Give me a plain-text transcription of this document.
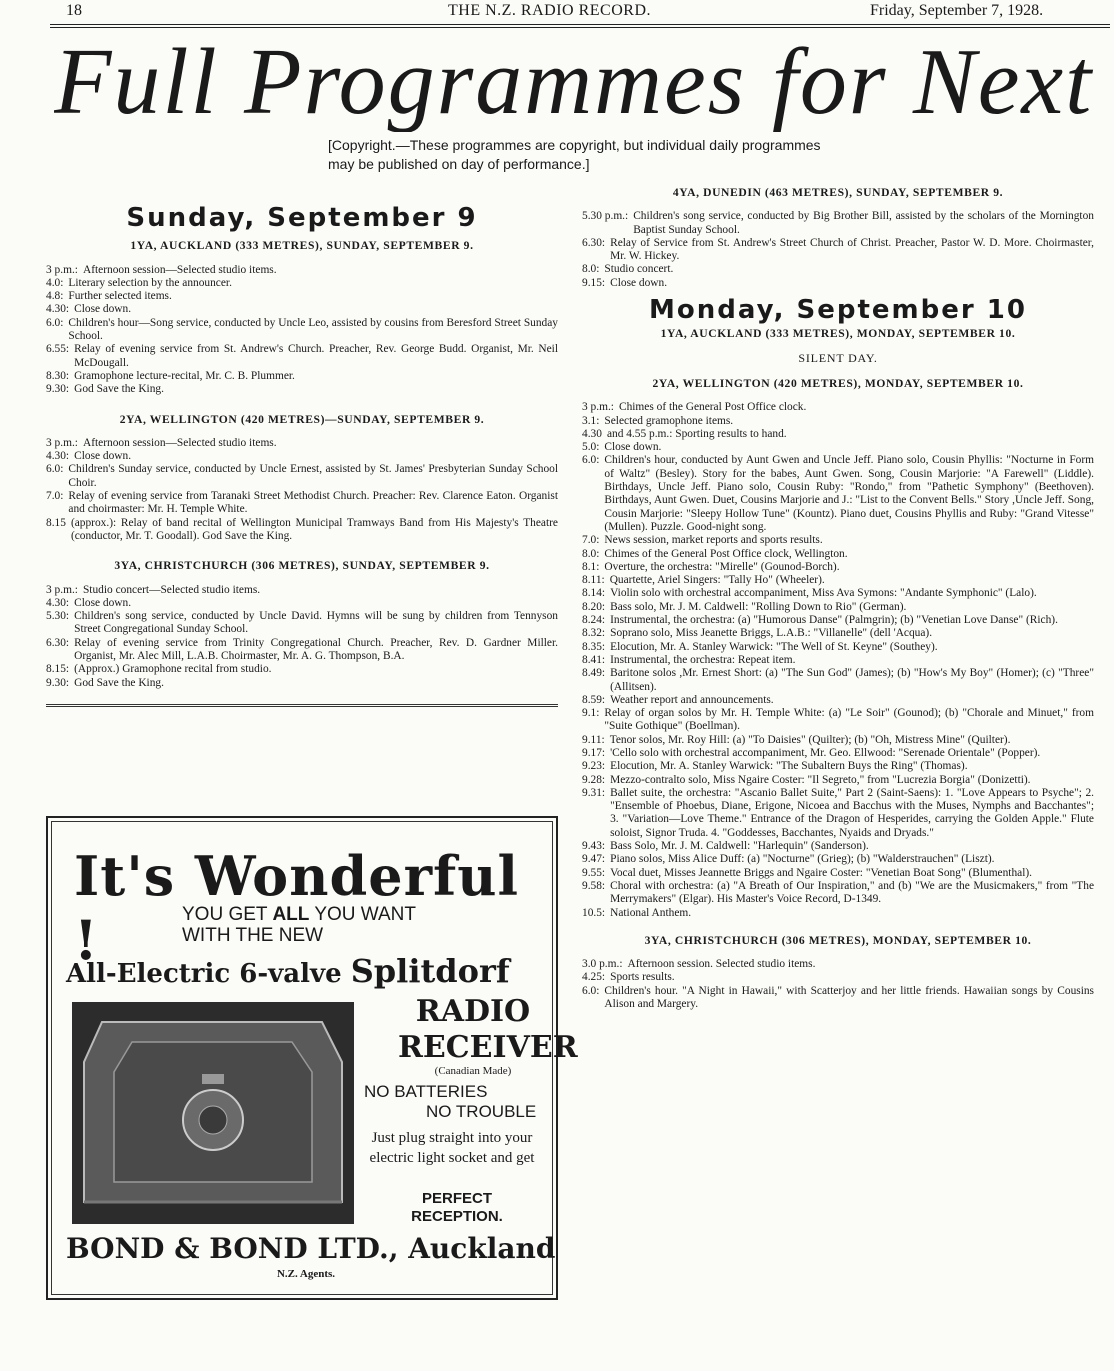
18	THE N.Z. RADIO RECORD.	Friday, September 7, 1928.
Full Programmes for Next
[Copyright.—These programmes are copyright, but individual daily programmes may be published on day of performance.]
Sunday, September 9
1YA, AUCKLAND (333 METRES), SUNDAY, SEPTEMBER 9.
3 p.m.: Afternoon session—Selected studio items.
4.0: Literary selection by the announcer.
4.8: Further selected items.
4.30: Close down.
6.0: Children's hour—Song service, conducted by Uncle Leo, assisted by cousins from Beresford Street Sunday School.
6.55: Relay of evening service from St. Andrew's Church. Preacher, Rev. George Budd. Organist, Mr. Neil McDougall.
8.30: Gramophone lecture-recital, Mr. C. B. Plummer.
9.30: God Save the King.
2YA, WELLINGTON (420 METRES)—SUNDAY, SEPTEMBER 9.
3 p.m.: Afternoon session—Selected studio items.
4.30: Close down.
6.0: Children's Sunday service, conducted by Uncle Ernest, assisted by St. James' Presbyterian Sunday School Choir.
7.0: Relay of evening service from Taranaki Street Methodist Church. Preacher: Rev. Clarence Eaton. Organist and choirmaster: Mr. H. Temple White.
8.15 (approx.): Relay of band recital of Wellington Municipal Tramways Band from His Majesty's Theatre (conductor, Mr. T. Goodall). God Save the King.
3YA, CHRISTCHURCH (306 METRES), SUNDAY, SEPTEMBER 9.
3 p.m.: Studio concert—Selected studio items.
4.30: Close down.
5.30: Children's song service, conducted by Uncle David. Hymns will be sung by children from Tennyson Street Congregational Sunday School.
6.30: Relay of evening service from Trinity Congregational Church. Preacher, Rev. D. Gardner Miller. Organist, Mr. Alec Mill, L.A.B. Choirmaster, Mr. A. G. Thompson, B.A.
8.15: (Approx.) Gramophone recital from studio.
9.30: God Save the King.
It's Wonderful !	YOU GET ALL YOU WANT
WITH THE NEW
All-Electric 6-valve Splitdorf
RADIO
RECEIVER
(Canadian Made)
NO BATTERIES
NO TROUBLE
Just plug straight into your electric light socket and get
PERFECT RECEPTION.
BOND & BOND LTD., Auckland
N.Z. Agents.
4YA, DUNEDIN (463 METRES), SUNDAY, SEPTEMBER 9.
5.30 p.m.: Children's song service, conducted by Big Brother Bill, assisted by the scholars of the Mornington Baptist Sunday School.
6.30: Relay of Service from St. Andrew's Street Church of Christ. Preacher, Pastor W. D. More. Choirmaster, Mr. W. Hickey.
8.0: Studio concert.
9.15: Close down.
Monday, September 10
1YA, AUCKLAND (333 METRES), MONDAY, SEPTEMBER 10.
SILENT DAY.
2YA, WELLINGTON (420 METRES), MONDAY, SEPTEMBER 10.
3 p.m.: Chimes of the General Post Office clock.
3.1: Selected gramophone items.
4.30 and 4.55 p.m.: Sporting results to hand.
5.0: Close down.
6.0: Children's hour, conducted by Aunt Gwen and Uncle Jeff. Piano solo, Cousin Phyllis: "Nocturne in Form of Waltz" (Besley). Story for the babes, Aunt Gwen. Song, Cousin Marjorie: "A Farewell" (Liddle). Birthdays, Uncle Jeff. Piano solo, Cousin Ruby: "Rondo," from "Pathetic Symphony" (Beethoven). Birthdays, Aunt Gwen. Duet, Cousins Marjorie and J.: "List to the Convent Bells." Story ,Uncle Jeff. Song, Cousin Marjorie: "Sleepy Hollow Tune" (Kountz). Piano duet, Cousins Phyllis and Ruby: "Grand Vitesse" (Mullen). Puzzle. Good-night song.
7.0: News session, market reports and sports results.
8.0: Chimes of the General Post Office clock, Wellington.
8.1: Overture, the orchestra: "Mirelle" (Gounod-Borch).
8.11: Quartette, Ariel Singers: "Tally Ho" (Wheeler).
8.14: Violin solo with orchestral accompaniment, Miss Ava Symons: "Andante Symphonic" (Lalo).
8.20: Bass solo, Mr. J. M. Caldwell: "Rolling Down to Rio" (German).
8.24: Instrumental, the orchestra: (a) "Humorous Danse" (Palmgrin); (b) "Venetian Love Danse" (Rich).
8.32: Soprano solo, Miss Jeanette Briggs, L.A.B.: "Villanelle" (dell 'Acqua).
8.35: Elocution, Mr. A. Stanley Warwick: "The Well of St. Keyne" (Southey).
8.41: Instrumental, the orchestra: Repeat item.
8.49: Baritone solos ,Mr. Ernest Short: (a) "The Sun God" (James); (b) "How's My Boy" (Homer); (c) "Three" (Allitsen).
8.59: Weather report and announcements.
9.1: Relay of organ solos by Mr. H. Temple White: (a) "Le Soir" (Gounod); (b) "Chorale and Minuet," from "Suite Gothique" (Boellman).
9.11: Tenor solos, Mr. Roy Hill: (a) "To Daisies" (Quilter); (b) "Oh, Mistress Mine" (Quilter).
9.17: 'Cello solo with orchestral accompaniment, Mr. Geo. Ellwood: "Serenade Orientale" (Popper).
9.23: Elocution, Mr. A. Stanley Warwick: "The Subaltern Buys the Ring" (Thomas).
9.28: Mezzo-contralto solo, Miss Ngaire Coster: "Il Segreto," from "Lucrezia Borgia" (Donizetti).
9.31: Ballet suite, the orchestra: "Ascanio Ballet Suite," Part 2 (Saint-Saens): 1. "Love Appears to Psyche"; 2. "Ensemble of Phoebus, Diane, Erigone, Nicoea and Bacchus with the Muses, Nymphs and Bacchantes"; 3. "Variation—Love Theme." Entrance of the Dragon of Hesperides, carrying the Golden Apple." Flute soloist, Signor Truda. 4. "Goddesses, Bacchantes, Nyaids and Dryads."
9.43: Bass Solo, Mr. J. M. Caldwell: "Harlequin" (Sanderson).
9.47: Piano solos, Miss Alice Duff: (a) "Nocturne" (Grieg); (b) "Walderstrauchen" (Liszt).
9.55: Vocal duet, Misses Jeannette Briggs and Ngaire Coster: "Venetian Boat Song" (Blumenthal).
9.58: Choral with orchestra: (a) "A Breath of Our Inspiration," and (b) "We are the Musicmakers," from "The Merrymakers" (Elgar). His Master's Voice Record, D-1349.
10.5: National Anthem.
3YA, CHRISTCHURCH (306 METRES), MONDAY, SEPTEMBER 10.
3.0 p.m.: Afternoon session. Selected studio items.
4.25: Sports results.
6.0: Children's hour. "A Night in Hawaii," with Scatterjoy and her little friends. Hawaiian songs by Cousins Alison and Margery.
